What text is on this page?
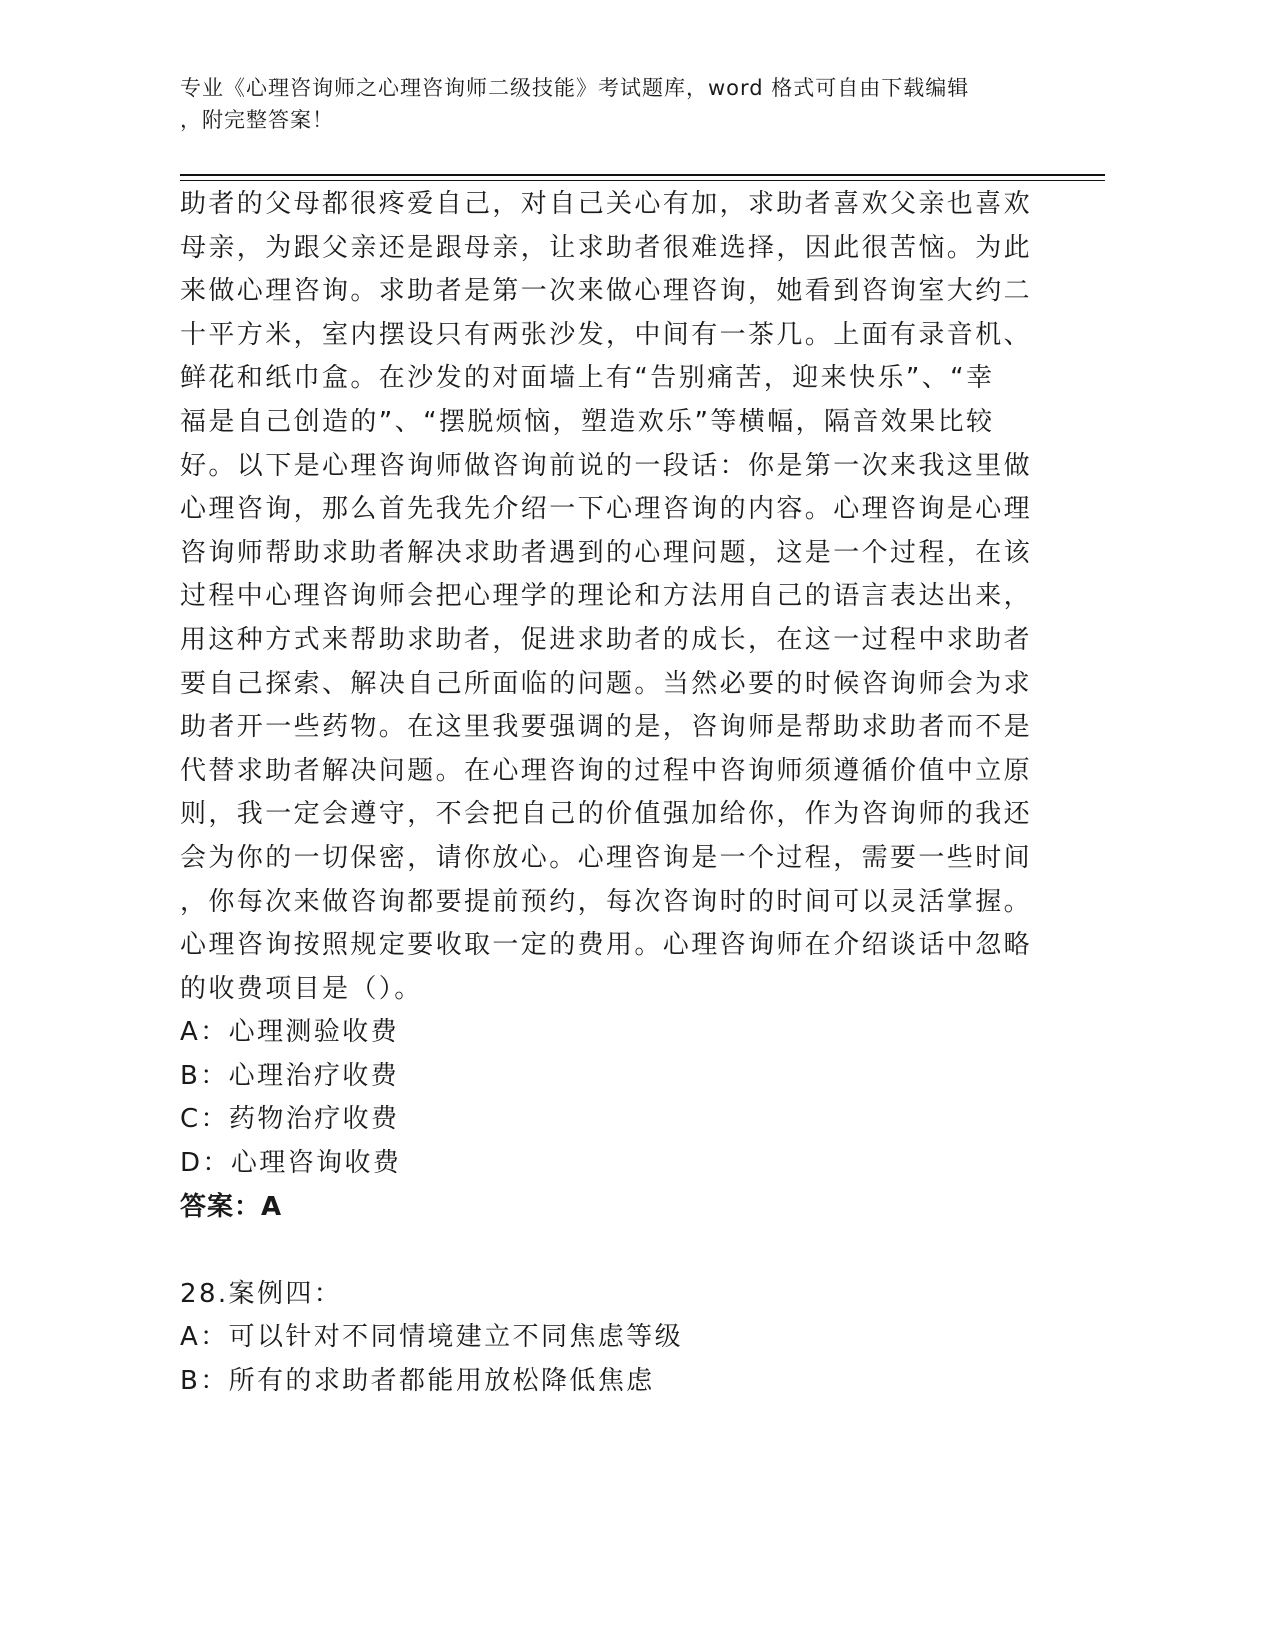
专业《心理咨询师之心理咨询师二级技能》考试题库，word 格式可自由下载编辑
，附完整答案！
助者的父母都很疼爱自己，对自己关心有加，求助者喜欢父亲也喜欢
母亲，为跟父亲还是跟母亲，让求助者很难选择，因此很苦恼。为此
来做心理咨询。求助者是第一次来做心理咨询，她看到咨询室大约二
十平方米，室内摆设只有两张沙发，中间有一茶几。上面有录音机、
鲜花和纸巾盒。在沙发的对面墙上有“告别痛苦，迎来快乐”、“幸
福是自己创造的”、“摆脱烦恼，塑造欢乐”等横幅，隔音效果比较
好。以下是心理咨询师做咨询前说的一段话：你是第一次来我这里做
心理咨询，那么首先我先介绍一下心理咨询的内容。心理咨询是心理
咨询师帮助求助者解决求助者遇到的心理问题，这是一个过程，在该
过程中心理咨询师会把心理学的理论和方法用自己的语言表达出来，
用这种方式来帮助求助者，促进求助者的成长，在这一过程中求助者
要自己探索、解决自己所面临的问题。当然必要的时候咨询师会为求
助者开一些药物。在这里我要强调的是，咨询师是帮助求助者而不是
代替求助者解决问题。在心理咨询的过程中咨询师须遵循价值中立原
则，我一定会遵守，不会把自己的价值强加给你，作为咨询师的我还
会为你的一切保密，请你放心。心理咨询是一个过程，需要一些时间
，你每次来做咨询都要提前预约，每次咨询时的时间可以灵活掌握。
心理咨询按照规定要收取一定的费用。心理咨询师在介绍谈话中忽略
的收费项目是（）。
A：心理测验收费
B：心理治疗收费
C：药物治疗收费
D：心理咨询收费
答案：A
28.案例四：
A：可以针对不同情境建立不同焦虑等级
B：所有的求助者都能用放松降低焦虑
